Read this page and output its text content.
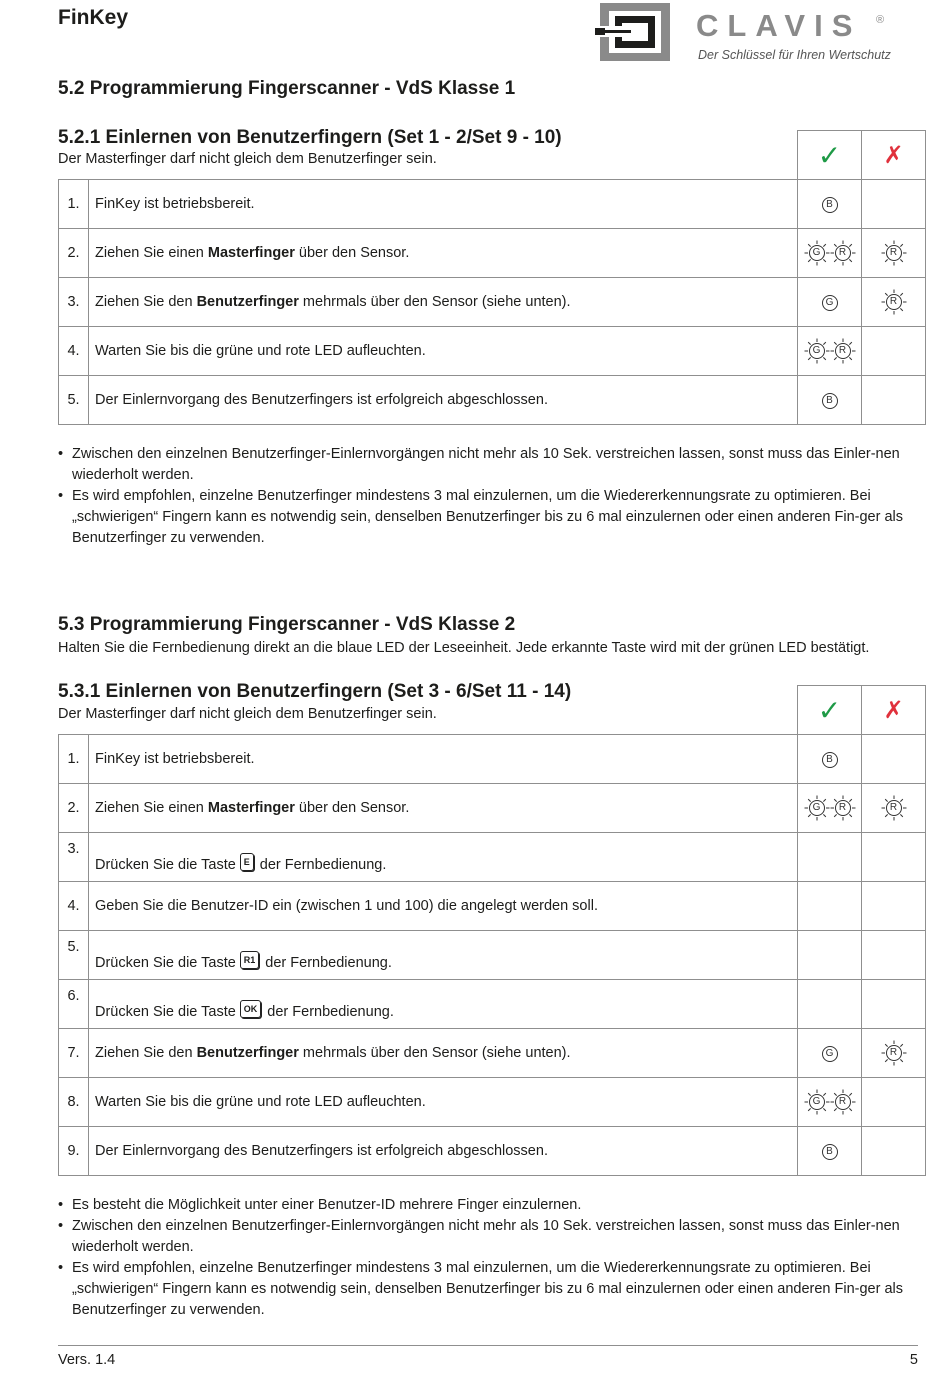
FinKey	CLAVIS ®
Der Schlüssel für Ihren Wertschutz
5.2 Programmierung Fingerscanner - VdS Klasse 1
5.2.1 Einlernen von Benutzerfingern (Set 1 - 2/Set 9 - 10)
Der Masterfinger darf nicht gleich dem Benutzerfinger sein.
			✓	✗
1.	FinKey ist betriebsbereit.	B	
2.	Ziehen Sie einen Masterfinger über den Sensor.	G R	R

3.	Ziehen Sie den Benutzerfinger mehrmals über den Sensor (siehe unten).	G	R

4.	Warten Sie bis die grüne und rote LED aufleuchten.	G R	

5.	Der Einlernvorgang des Benutzerfingers ist erfolgreich abgeschlossen.	B	
• Zwischen den einzelnen Benutzerfinger-Einlernvorgängen nicht mehr als 10 Sek. verstreichen lassen, sonst muss das Einler-nen wiederholt werden.
• Es wird empfohlen, einzelne Benutzerfinger mindestens 3 mal einzulernen, um die Wiedererkennungsrate zu optimieren. Bei „schwierigen“ Fingern kann es notwendig sein, denselben Benutzerfinger bis zu 6 mal einzulernen oder einen anderen Fin-ger als Benutzerfinger zu verwenden.
5.3 Programmierung Fingerscanner - VdS Klasse 2
Halten Sie die Fernbedienung direkt an die blaue LED der Leseeinheit. Jede erkannte Taste wird mit der grünen LED bestätigt.
5.3.1 Einlernen von Benutzerfingern (Set 3 - 6/Set 11 - 14)
Der Masterfinger darf nicht gleich dem Benutzerfinger sein.
			✓	✗
1.	FinKey ist betriebsbereit.	B	
2.	Ziehen Sie einen Masterfinger über den Sensor.	G R	R

3.	Drücken Sie die Taste E der Fernbedienung.		
4.	Geben Sie die Benutzer-ID ein (zwischen 1 und 100) die angelegt werden soll.		
5.	Drücken Sie die Taste R1 der Fernbedienung.		
6.	Drücken Sie die Taste OK der Fernbedienung.		
7.	Ziehen Sie den Benutzerfinger mehrmals über den Sensor (siehe unten).	G	R

8.	Warten Sie bis die grüne und rote LED aufleuchten.	G R	

9.	Der Einlernvorgang des Benutzerfingers ist erfolgreich abgeschlossen.	B	
• Es besteht die Möglichkeit unter einer Benutzer-ID mehrere Finger einzulernen.
• Zwischen den einzelnen Benutzerfinger-Einlernvorgängen nicht mehr als 10 Sek. verstreichen lassen, sonst muss das Einler-nen wiederholt werden.
• Es wird empfohlen, einzelne Benutzerfinger mindestens 3 mal einzulernen, um die Wiedererkennungsrate zu optimieren. Bei „schwierigen“ Fingern kann es notwendig sein, denselben Benutzerfinger bis zu 6 mal einzulernen oder einen anderen Fin-ger als Benutzerfinger zu verwenden.
Vers. 1.4	5
